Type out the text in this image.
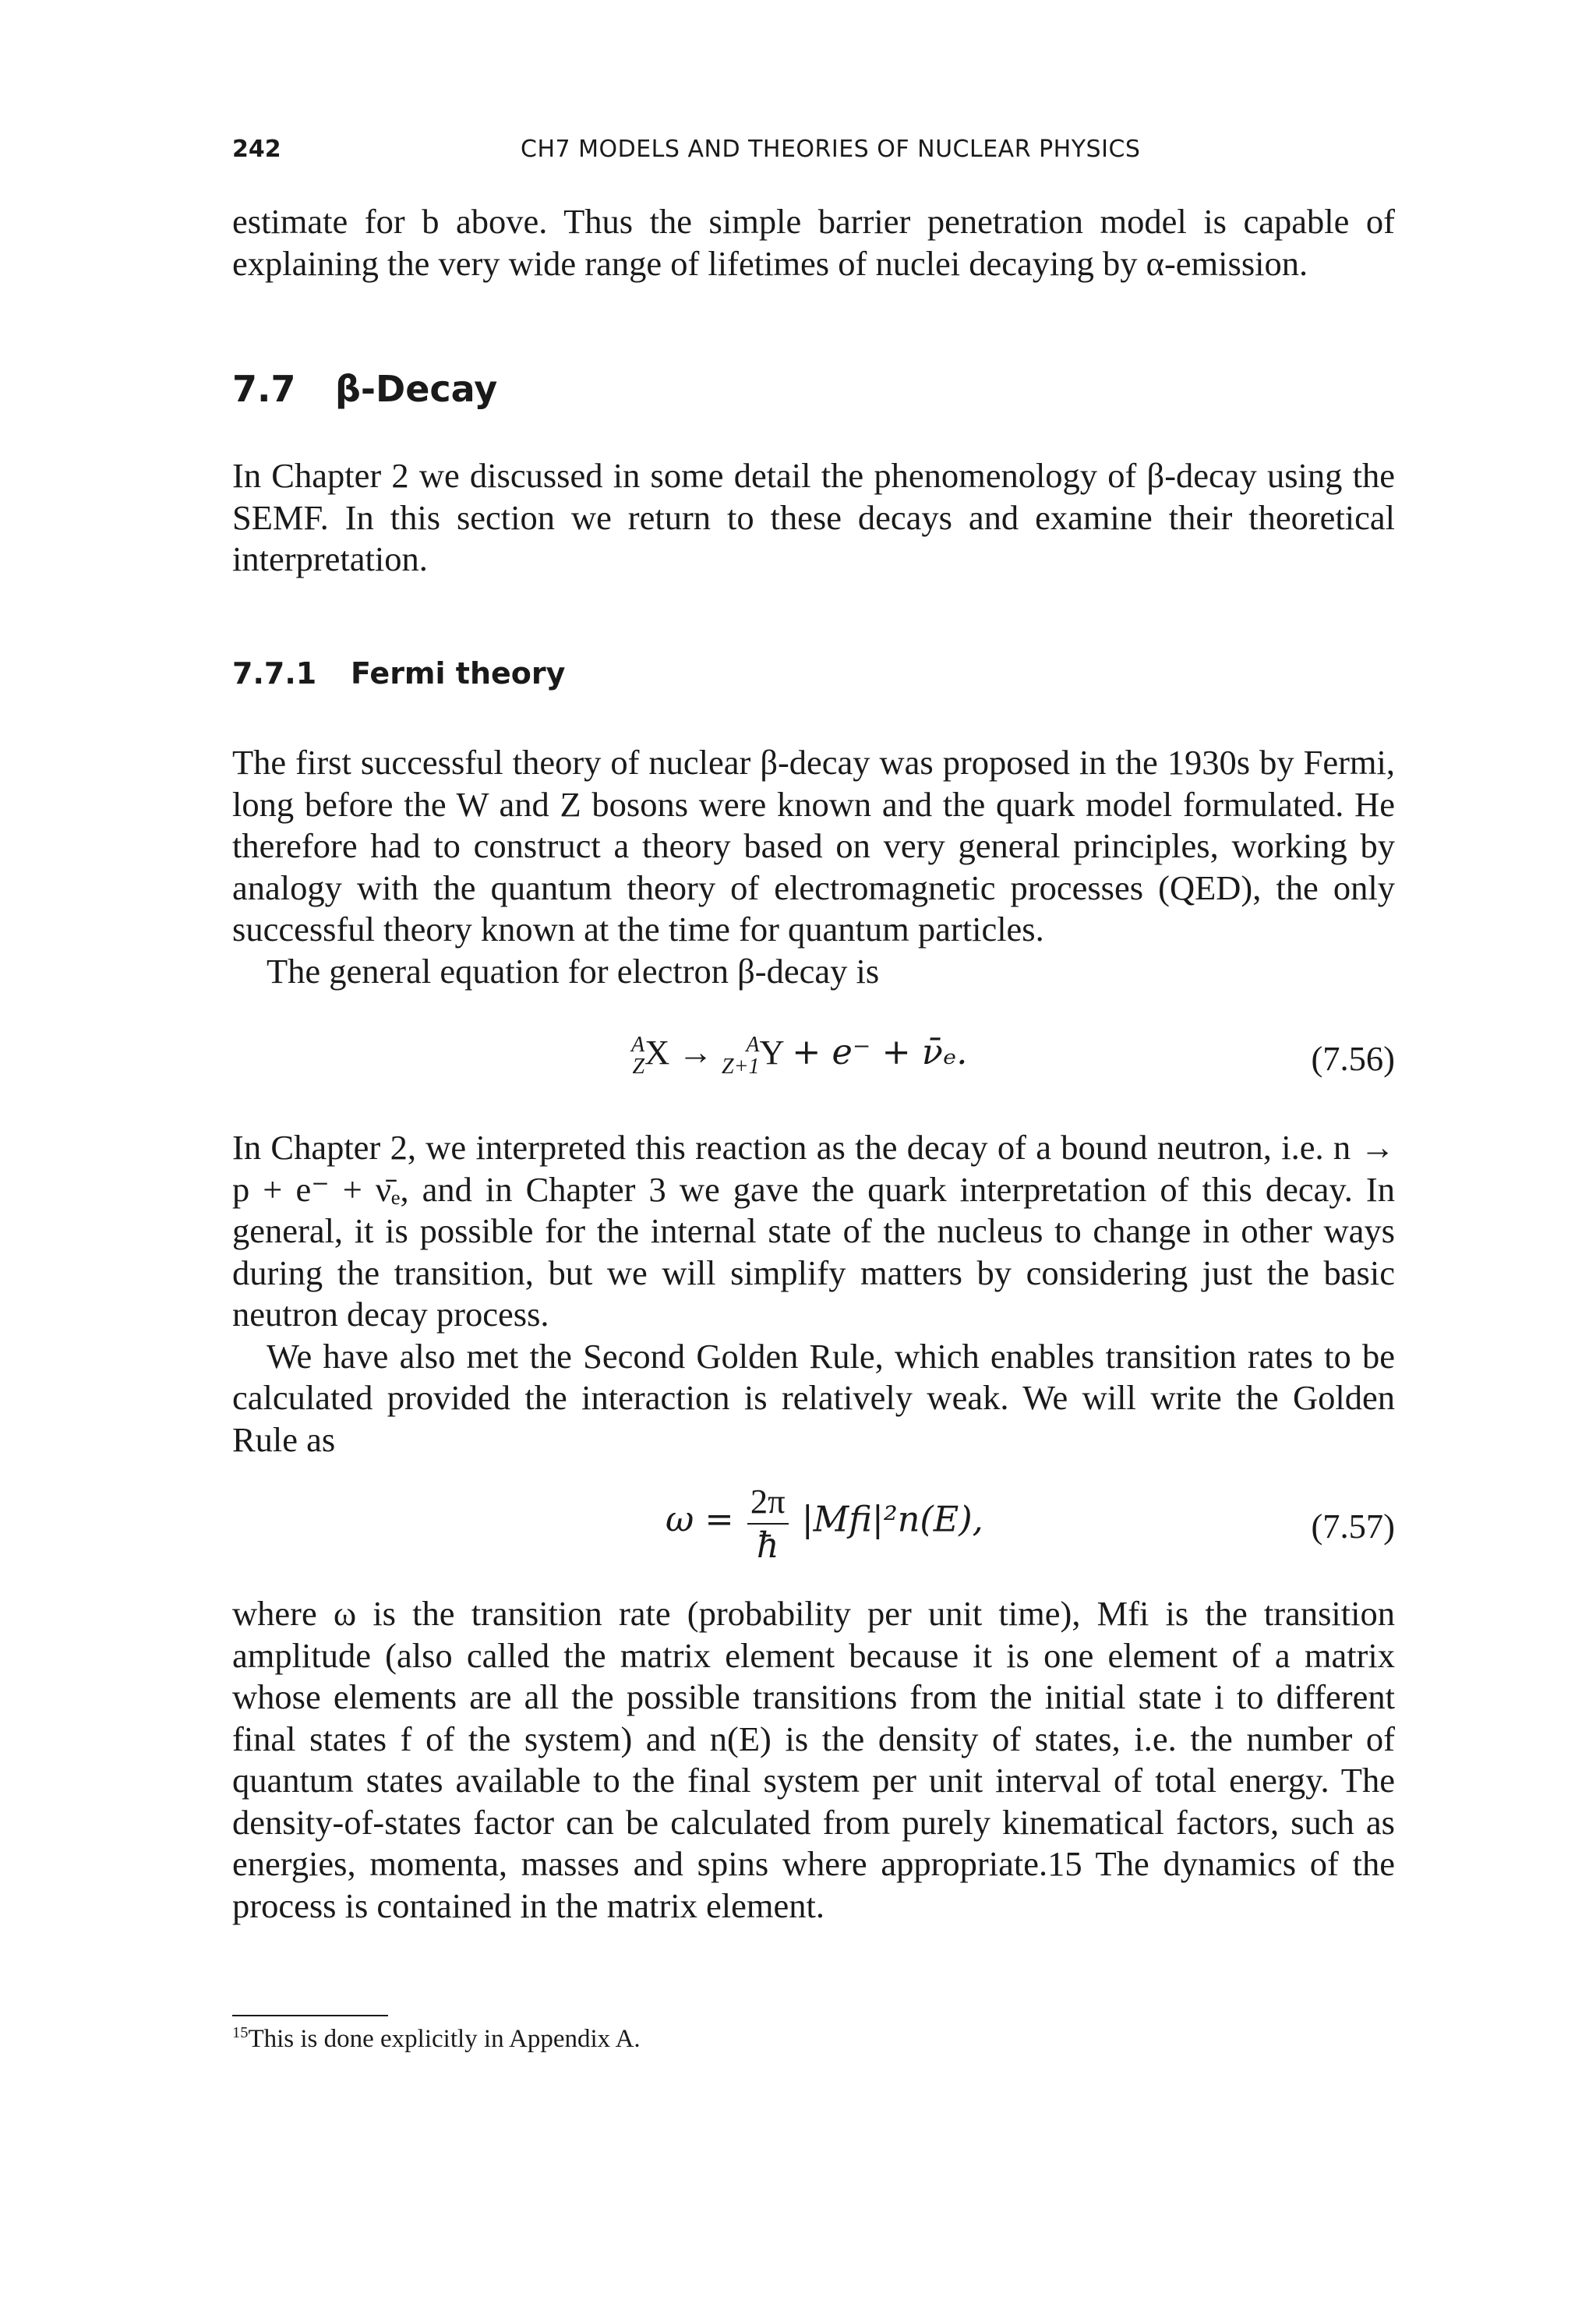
242	CH7 MODELS AND THEORIES OF NUCLEAR PHYSICS

estimate for b above. Thus the simple barrier penetration model is capable of explaining the very wide range of lifetimes of nuclei decaying by α-emission.

7.7 β-Decay

In Chapter 2 we discussed in some detail the phenomenology of β-decay using the SEMF. In this section we return to these decays and examine their theoretical interpretation.

7.7.1 Fermi theory

The first successful theory of nuclear β-decay was proposed in the 1930s by Fermi, long before the W and Z bosons were known and the quark model formulated. He therefore had to construct a theory based on very general principles, working by analogy with the quantum theory of electromagnetic processes (QED), the only successful theory known at the time for quantum particles.

The general equation for electron β-decay is

A
Z X →	A
Z+1 Y + e⁻ + ν̄ₑ.	(7.56)

In Chapter 2, we interpreted this reaction as the decay of a bound neutron, i.e. n → p + e⁻ + ν̄ₑ, and in Chapter 3 we gave the quark interpretation of this decay. In general, it is possible for the internal state of the nucleus to change in other ways during the transition, but we will simplify matters by considering just the basic neutron decay process.

We have also met the Second Golden Rule, which enables transition rates to be calculated provided the interaction is relatively weak. We will write the Golden Rule as

$\omega = \frac{2\pi}{ħ} |Mfi|^2n(E)$,	(7.57)

where ω is the transition rate (probability per unit time), Mfi is the transition amplitude (also called the matrix element because it is one element of a matrix whose elements are all the possible transitions from the initial state i to different final states f of the system) and n(E) is the density of states, i.e. the number of quantum states available to the final system per unit interval of total energy. The density-of-states factor can be calculated from purely kinematical factors, such as energies, momenta, masses and spins where appropriate.15 The dynamics of the process is contained in the matrix element.

$^{15}$This is done explicitly in Appendix A.
